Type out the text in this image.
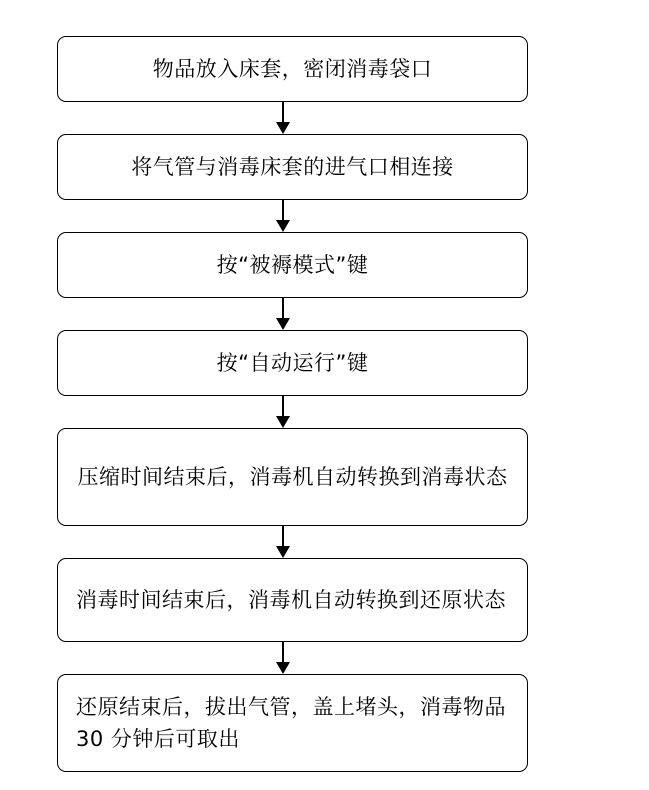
物品放入床套，密闭消毒袋口
将气管与消毒床套的进气口相连接
按“被褥模式”键
按“自动运行”键
压缩时间结束后，消毒机自动转换到消毒状态
消毒时间结束后，消毒机自动转换到还原状态
还原结束后，拔出气管，盖上堵头，消毒物品 30 分钟后可取出
